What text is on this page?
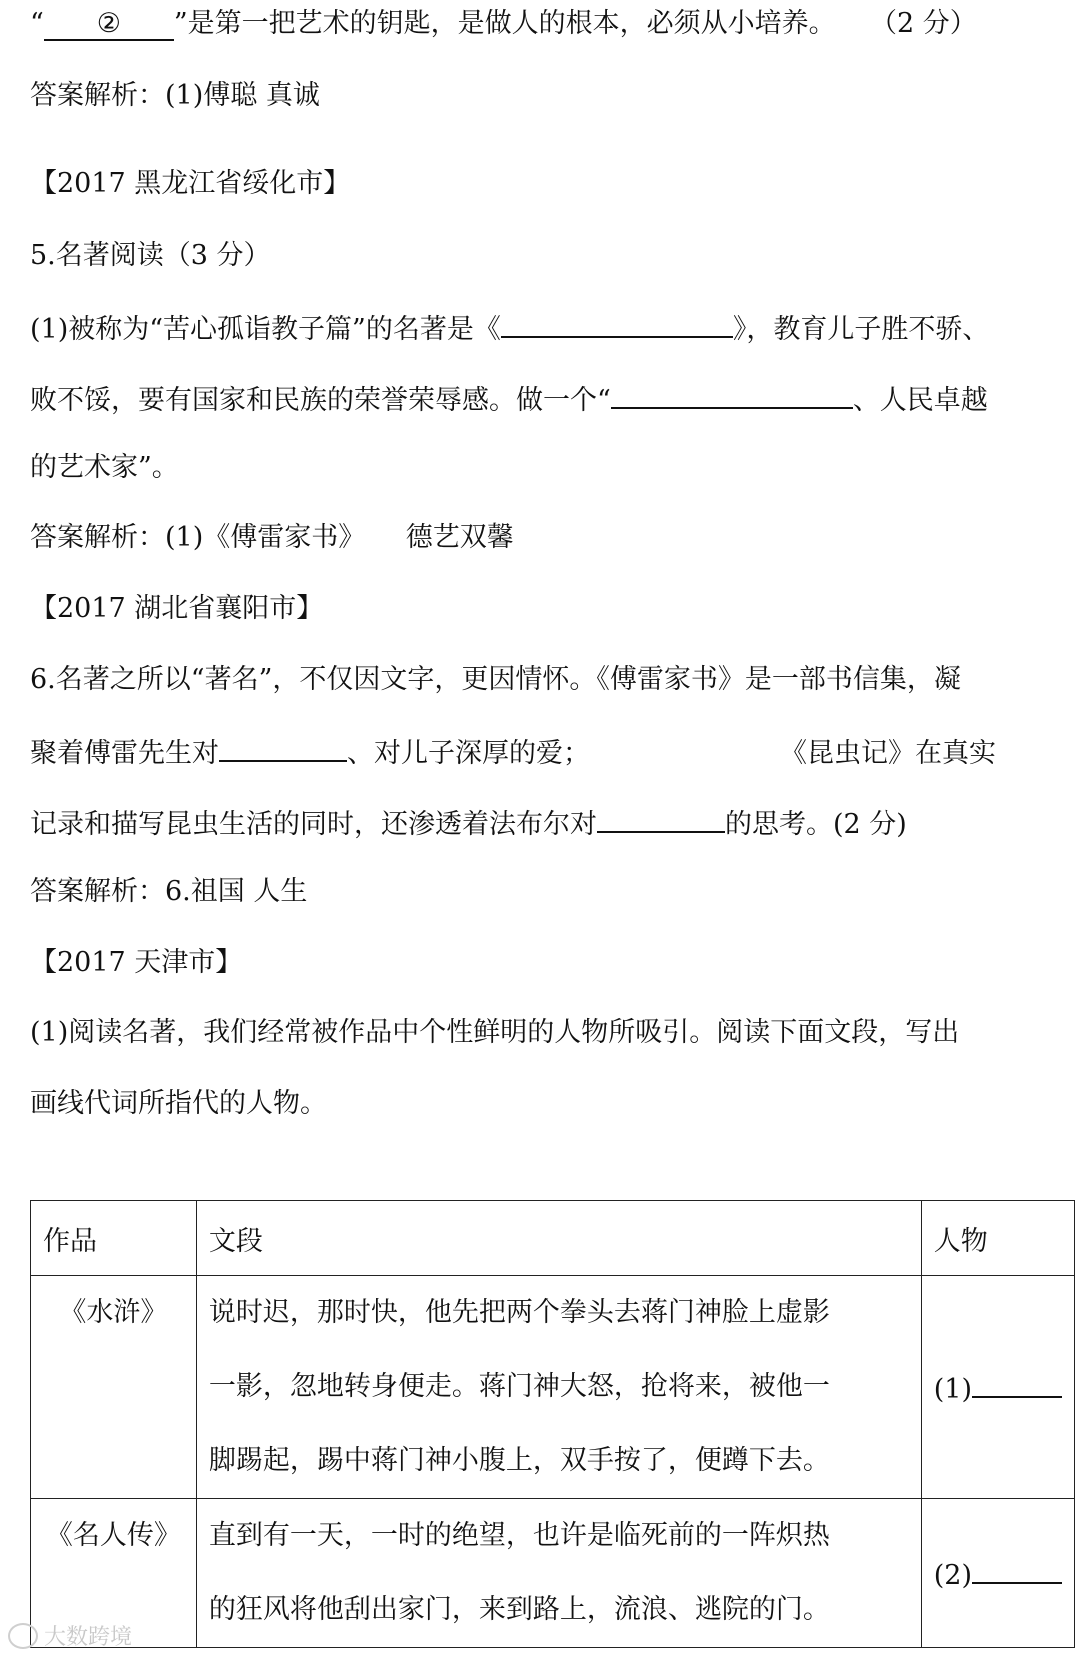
“ ② ”是第一把艺术的钥匙，是做人的根本，必须从小培养。 （2 分）
答案解析：(1)傅聪 真诚
【2017 黑龙江省绥化市】
5.名著阅读（3 分）
(1)被称为“苦心孤诣教子篇”的名著是《	》，教育儿子胜不骄、
败不馁，要有国家和民族的荣誉荣辱感。做一个“	、人民卓越
的艺术家”。
答案解析：(1)《傅雷家书》　　德艺双馨
【2017 湖北省襄阳市】
6.名著之所以“著名”，不仅因文字，更因情怀。《傅雷家书》是一部书信集，凝
聚着傅雷先生对	、对儿子深厚的爱；	《昆虫记》在真实
记录和描写昆虫生活的同时，还渗透着法布尔对	的思考。(2 分)
答案解析：6.祖国 人生
【2017 天津市】
(1)阅读名著，我们经常被作品中个性鲜明的人物所吸引。阅读下面文段，写出
画线代词所指代的人物。
作品	文段	人物
《水浒》	说时迟，那时快，他先把两个拳头去蒋门神脸上虚影
一影，忽地转身便走。蒋门神大怒，抢将来，被他一
脚踢起，踢中蒋门神小腹上，双手按了，便蹲下去。	(1)
《名人传》	直到有一天，一时的绝望，也许是临死前的一阵炽热
的狂风将他刮出家门，来到路上，流浪、逃院的门。	(2)
大数跨境
